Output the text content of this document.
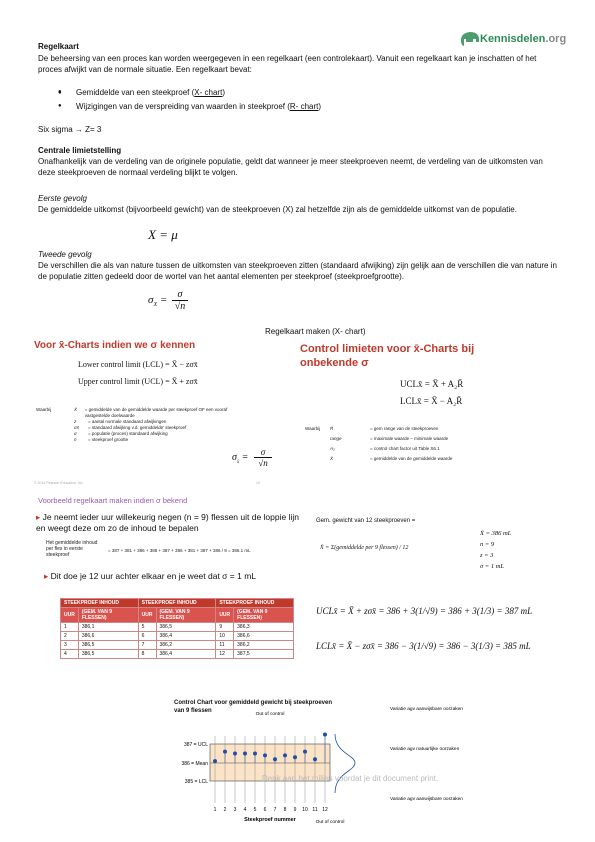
Kennisdelen.org
Regelkaart
De beheersing van een proces kan worden weergegeven in een regelkaart (een controlekaart). Vanuit een regelkaart kan je inschatten of het proces afwijkt van de normale situatie. Een regelkaart bevat:
Gemiddelde van een steekproef (X- chart)
Wijzigingen van de verspreiding van waarden in steekproef (R- chart)
●
●
Six sigma → Z= 3
Centrale limietstelling
Onafhankelijk van de verdeling van de originele populatie, geldt dat wanneer je meer steekproeven neemt, de verdeling van de uitkomsten van deze steekproeven de normaal verdeling blijkt te volgen.
Eerste gevolg
De gemiddelde uitkomst (bijvoorbeeld gewicht) van de steekproeven (X) zal hetzelfde zijn als de gemiddelde uitkomst van de populatie.
X = μ
Tweede gevolg
De verschillen die als van nature tussen de uitkomsten van steekproeven zitten (standaard afwijking) zijn gelijk aan de verschillen die van nature in de populatie zitten gedeeld door de wortel van het aantal elementen per steekproef (steekproefgrootte).
$\sigma_X$ =	σ
√n
Regelkaart maken (X- chart)
Voor x̄-Charts indien we σ kennen
Lower control limit (LCL) = X̄ − zσx̄
Upper control limit (UCL) = X̄ + zσx̄
Waarbij	X̄	= gemiddelde van de gemiddelde waarde per steekproef OF een vooraf vastgestelde doelwaarde
z	= aantal normale standaard afwijkingen
σx̄	= standaard afwijking v.d. gemiddelde' steekproef
σ	= populatie (proces) standaard afwijking
n	= steekproef grootte
© 2014 Pearson Education, Inc.	10
$\sigma_{x̄}$ =	σ
√n
Control limieten voor x̄-Charts bij onbekende σ
UCLx̄ = X̄ + A₂R̄
LCLx̄ = X̄ − A₂R̄
Waarbij R̄	= gem range van de steekproeven
range	= maximale waarde – minimale waarde
A₂	= control chart factor uit Table S6.1
X̄	= gemiddelde van de gemiddelde waarde
Voorbeeld regelkaart maken indien σ bekend
▸ Je neemt ieder uur willekeurig negen (n = 9) flessen uit de loppie lijn en weegt deze om zo de inhoud te bepalen
Het gemiddelde inhoud per fles in eerste steekproef
= 387 + 381 + 386 + 388 + 387 + 386 + 381 + 387 + 386 / 9 = 386.1 mL
▸ Dit doe je 12 uur achter elkaar en je weet dat σ = 1 mL
STEEKPROEF INHOUD		STEEKPROEF INHOUD		STEEKPROEF INHOUD	
UUR	(GEM. VAN 9 FLESSEN)	UUR	(GEM. VAN 9 FLESSEN)	UUR	(GEM. VAN 9 FLESSEN)
1	386,1	5	386,5	9	386,3
2	386,6	6	386,4	10	386,6
3	386,5	7	386,2	11	386,2
4	386,5	8	386,4	12	387,5
Gem. gewicht van 12 steekproeven =
X̄ = Σ(gemiddelde per 9 flessen) / 12
X̄ = 386 mL
n = 9
z = 3
σ = 1 mL
UCLx̄ = X̄ + zσx̄ = 386 + 3(1/√9) = 386 + 3(1/3) = 387 mL
LCLx̄ = X̄ − zσx̄ = 386 − 3(1/√9) = 386 − 3(1/3) = 385 mL
Control Chart voor gemiddeld gewicht bij steekproeven van 9 flessen
1 2 3 4 5 6 7 8 9 10 11 12
387 = UCL
386 = Mean
385 = LCL
Steekproef nummer
Out of control
Out of control
Variatie agv aanwijsbare oorzaken
Variatie agv natuurlijke oorzaken
Variatie agv aanwijsbare oorzaken
Denk aan het milieu voordat je dit document print.
